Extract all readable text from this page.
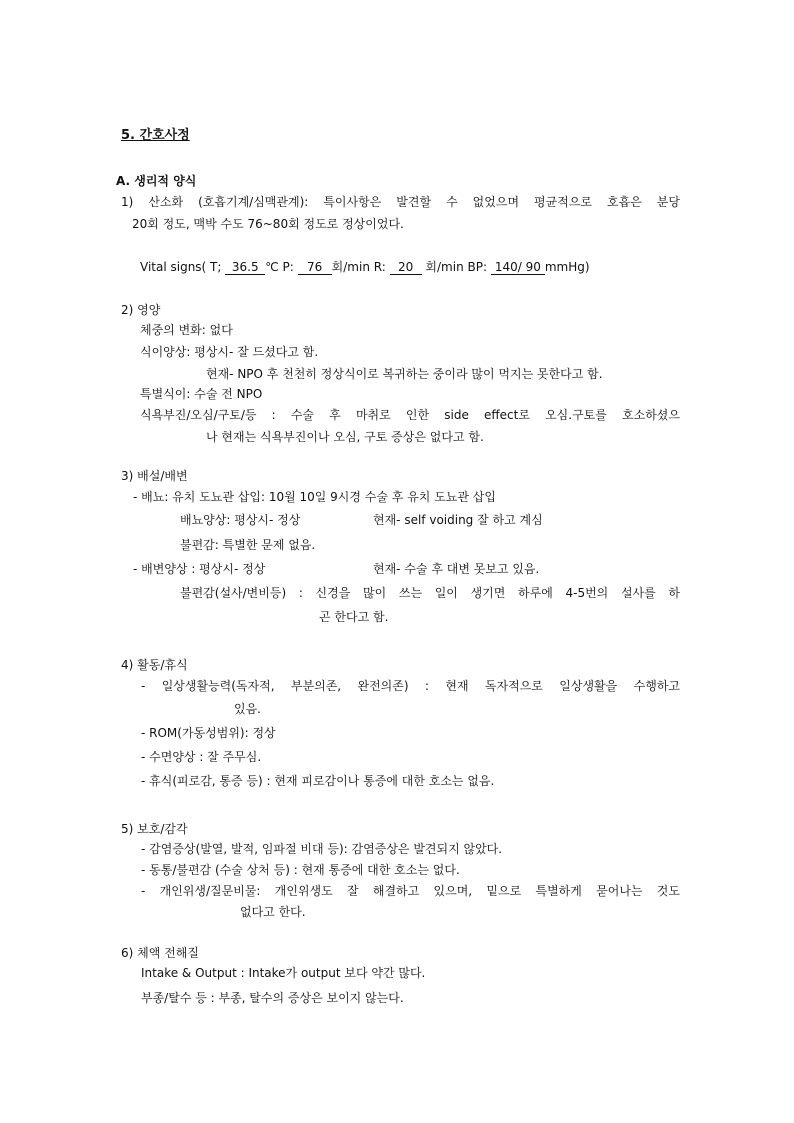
5. 간호사정
A. 생리적 양식
1) 산소화 (호흡기계/심맥관계): 특이사항은 발견할 수 없었으며 평균적으로 호흡은 분당
20회 정도, 맥박 수도 76~80회 정도로 정상이었다.
Vital signs( T; 36.5 ℃ P: 76 회/min R: 20 회/min BP: 140/ 90 mmHg)
2) 영양
체중의 변화: 없다
식이양상: 평상시- 잘 드셨다고 함.
현재- NPO 후 천천히 정상식이로 복귀하는 중이라 많이 먹지는 못한다고 함.
특별식이: 수술 전 NPO
식욕부진/오심/구토/등 : 수술 후 마취로 인한 side effect로 오심.구토를 호소하셨으
나 현재는 식욕부진이나 오심, 구토 증상은 없다고 함.
3) 배설/배변
- 배뇨: 유치 도뇨관 삽입: 10월 10일 9시경 수술 후 유치 도뇨관 삽입
배뇨양상: 평상시- 정상	현재- self voiding 잘 하고 계심
불편감: 특별한 문제 없음.
- 배변양상 : 평상시- 정상	현재- 수술 후 대변 못보고 있음.
불편감(설사/변비등) : 신경을 많이 쓰는 일이 생기면 하루에 4-5번의 설사를 하
곤 한다고 함.
4) 활동/휴식
- 일상생활능력(독자적, 부분의존, 완전의존) : 현재 독자적으로 일상생활을 수행하고
있음.
- ROM(가동성범위): 정상
- 수면양상 : 잘 주무심.
- 휴식(피로감, 통증 등) : 현재 피로감이나 통증에 대한 호소는 없음.
5) 보호/감각
- 감염증상(발열, 발적, 임파절 비대 등): 감염증상은 발견되지 않았다.
- 동통/불편감 (수술 상처 등) : 현재 통증에 대한 호소는 없다.
- 개인위생/질문비물: 개인위생도 잘 해결하고 있으며, 밑으로 특별하게 묻어나는 것도
없다고 한다.
6) 체액 전해질
Intake & Output : Intake가 output 보다 약간 많다.
부종/탈수 등 : 부종, 탈수의 증상은 보이지 않는다.
